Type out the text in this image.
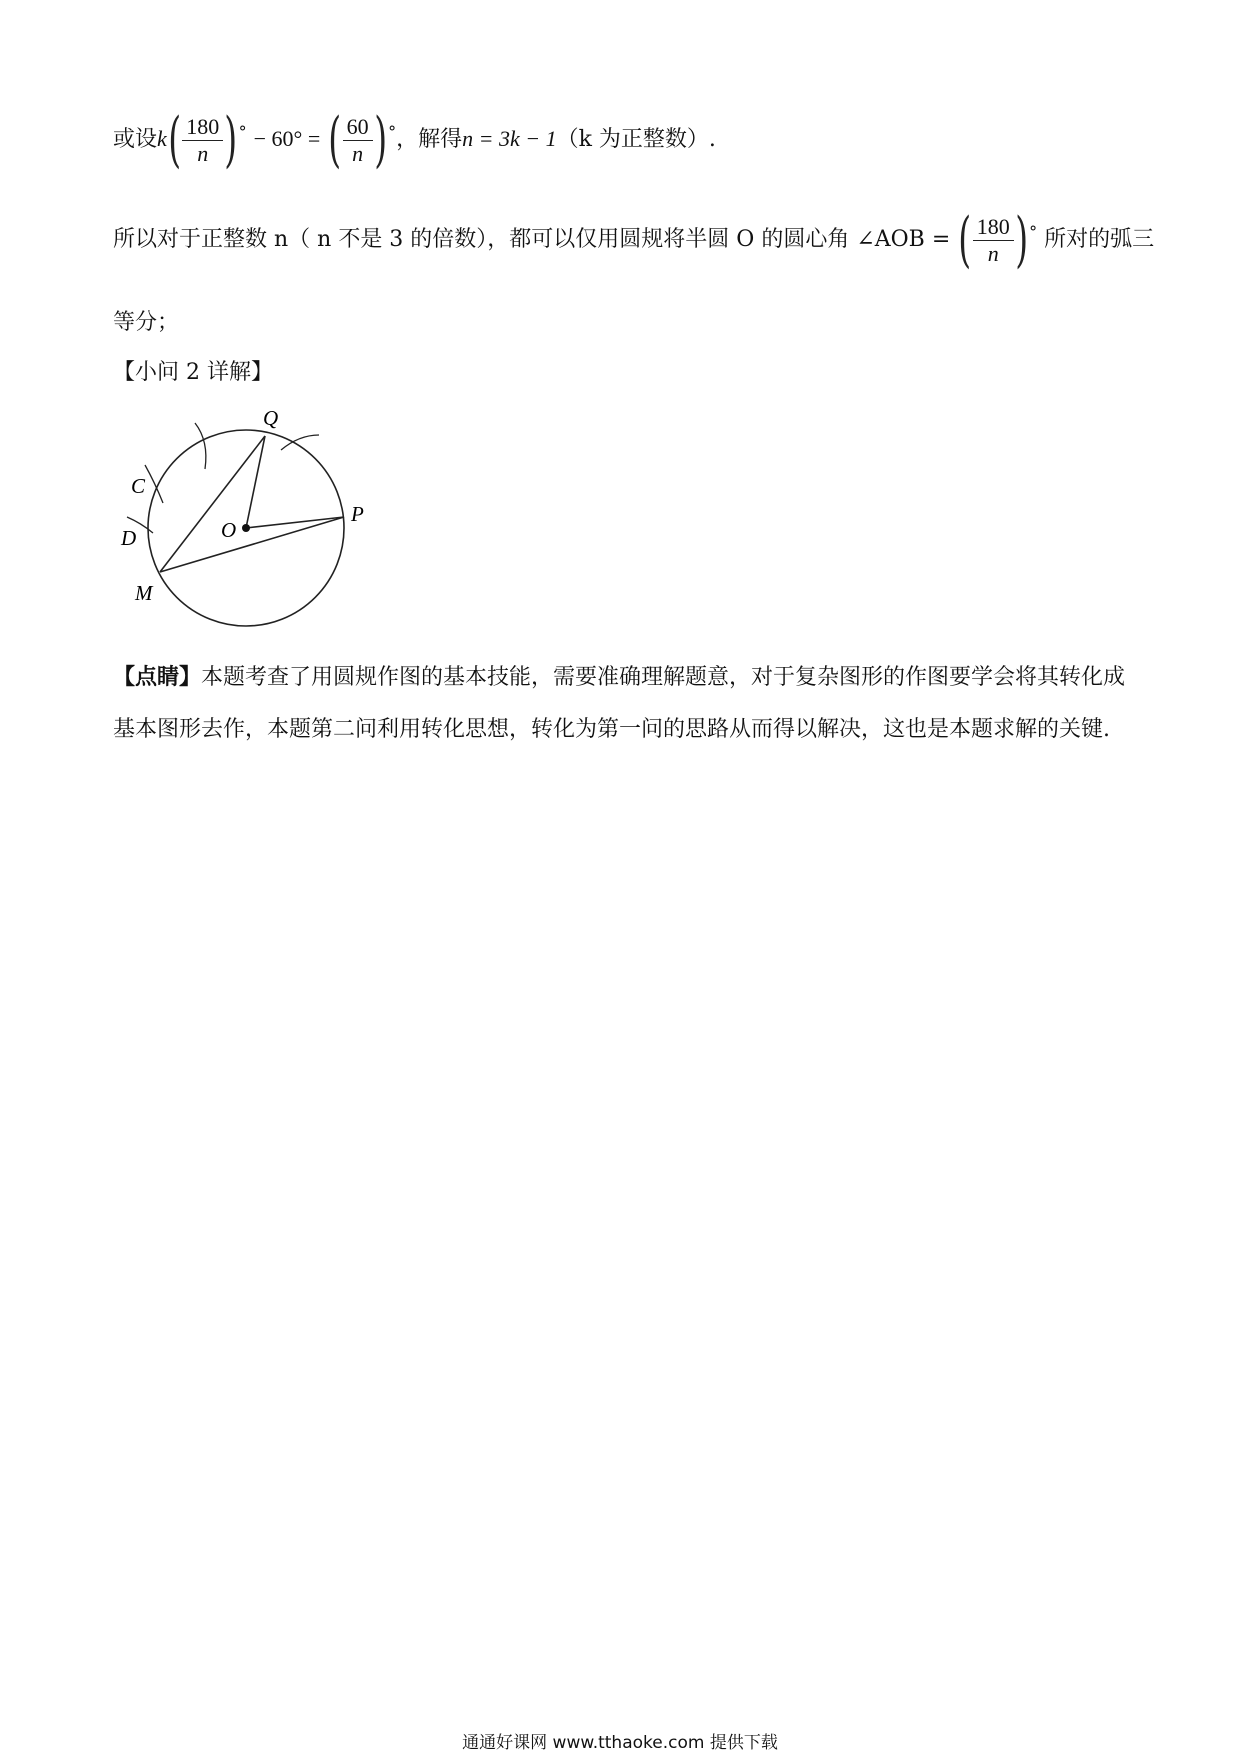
或设$k( \frac{180}{n} )^\circ - 60^\circ$ = ( $\frac{60}{n} )^\circ$，解得n = 3k − 1（k 为正整数）.
所以对于正整数 n（ n 不是 3 的倍数），都可以仅用圆规将半圆 O 的圆心角 ∠AOB = ( $\frac{180}{n} )^\circ$ 所对的弧三
等分；
【小问 2 详解】
Q
C
D	O
P
M
【点睛】本题考查了用圆规作图的基本技能，需要准确理解题意，对于复杂图形的作图要学会将其转化成
基本图形去作，本题第二问利用转化思想，转化为第一问的思路从而得以解决，这也是本题求解的关键.
通通好课网 www.tthaoke.com 提供下载
